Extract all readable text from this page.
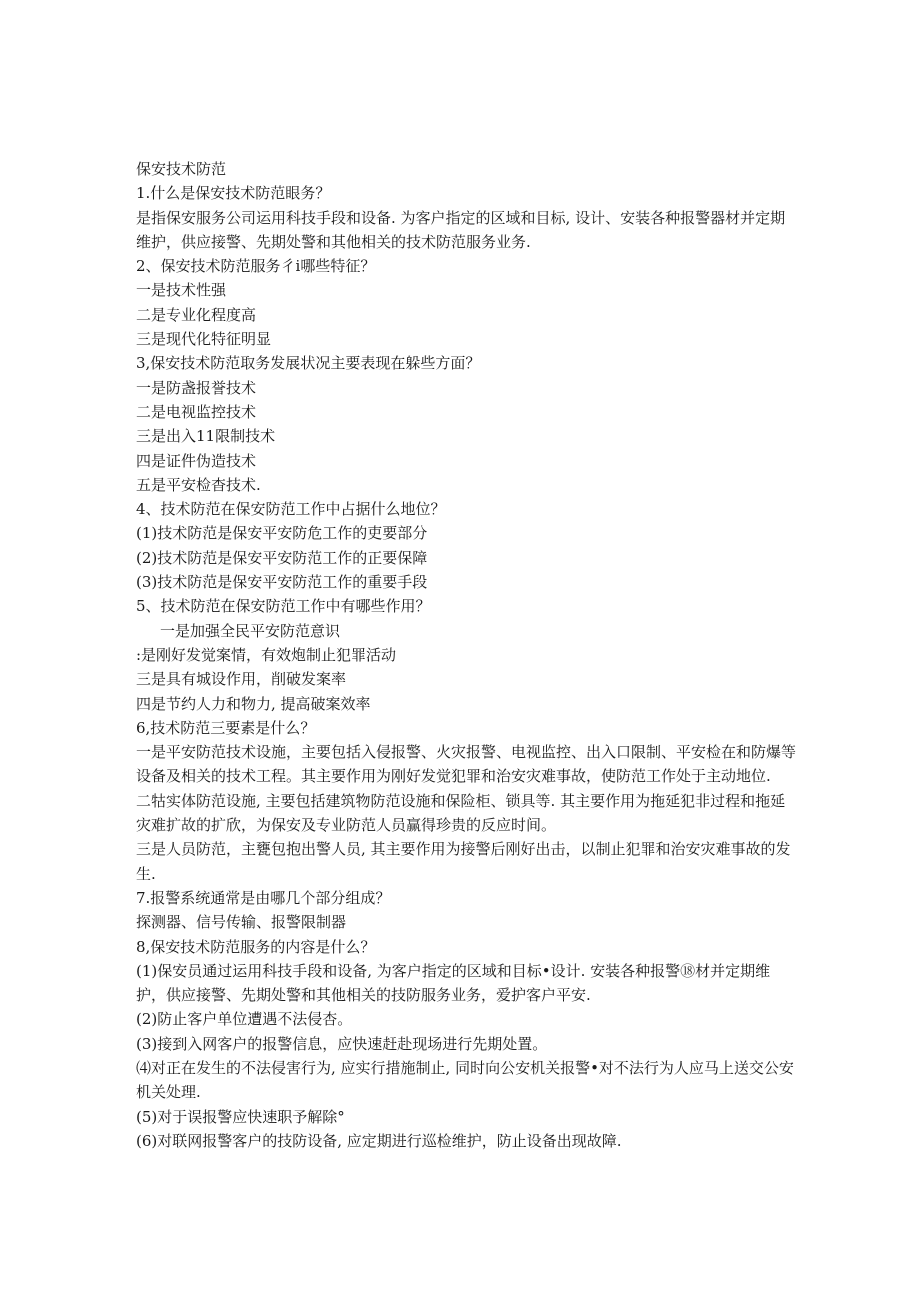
保安技术防范

1.什么是保安技术防范眼务？

是指保安服务公司运用科技手段和设备. 为客户指定的区域和目标, 设计、安装各种报警器材并定期维护，供应接警、先期处警和其他相关的技术防范服务业务.

2、保安技术防范服务彳i哪些特征？

一是技术性强

二是专业化程度高

三是现代化特征明显

3,保安技术防范取务发展状况主要表现在躲些方面？

一是防盏报誉技术

二是电视监控技术

三是出入11限制技术

四是证件伪造技术

五是平安检杳技术.

4、技术防范在保安防范工作中占据什么地位？

(1)技术防范是保安平安防危工作的吏要部分

(2)技术防范是保安平安防范工作的正要保障

(3)技术防范是保安平安防范工作的重要手段

5、技术防范在保安防范工作中有哪些作用？

一是加强全民平安防范意识

:是刚好发觉案情，有效炮制止犯罪活动

三是具有城设作用，削破发案率

四是节约人力和物力, 提高破案效率

6,技术防范三要素是什么？

一是平安防范技术设施，主要包括入侵报警、火灾报警、电视监控、出入口限制、平安检在和防爆等设备及相关的技术工程。其主要作用为刚好发觉犯罪和治安灾难事故，使防范工作处于主动地位.

二牯实体防范设施, 主要包括建筑物防范设施和保险柜、锁具等. 其主要作用为拖延犯非过程和拖延灾难扩故的扩欣，为保安及专业防范人员赢得珍贵的反应时间。

三是人员防范，主甕包抱出警人员, 其主要作用为接警后刚好出击，以制止犯罪和治安灾难事故的发生.

7.报警系统通常是由哪几个部分组成？

探测器、信号传输、报警限制器

8,保安技术防范服务的内容是什么？

(1)保安员通过运用科技手段和设备, 为客户指定的区域和目标•设计. 安装各种报警⑱材并定期维护，供应接警、先期处警和其他相关的技防服务业务，爱护客户平安.

(2)防止客户单位遭遇不法侵杏。

(3)接到入网客户的报警信息，应快速赶赴现场进行先期处置。

⑷对正在发生的不法侵害行为, 应实行措施制止, 同时向公安机关报警•对不法行为人应马上送交公安机关处理.

(5)对于误报警应快速职予解除°

(6)对联网报警客户的技防设备, 应定期进行巡检维护，防止设备出现故障.
